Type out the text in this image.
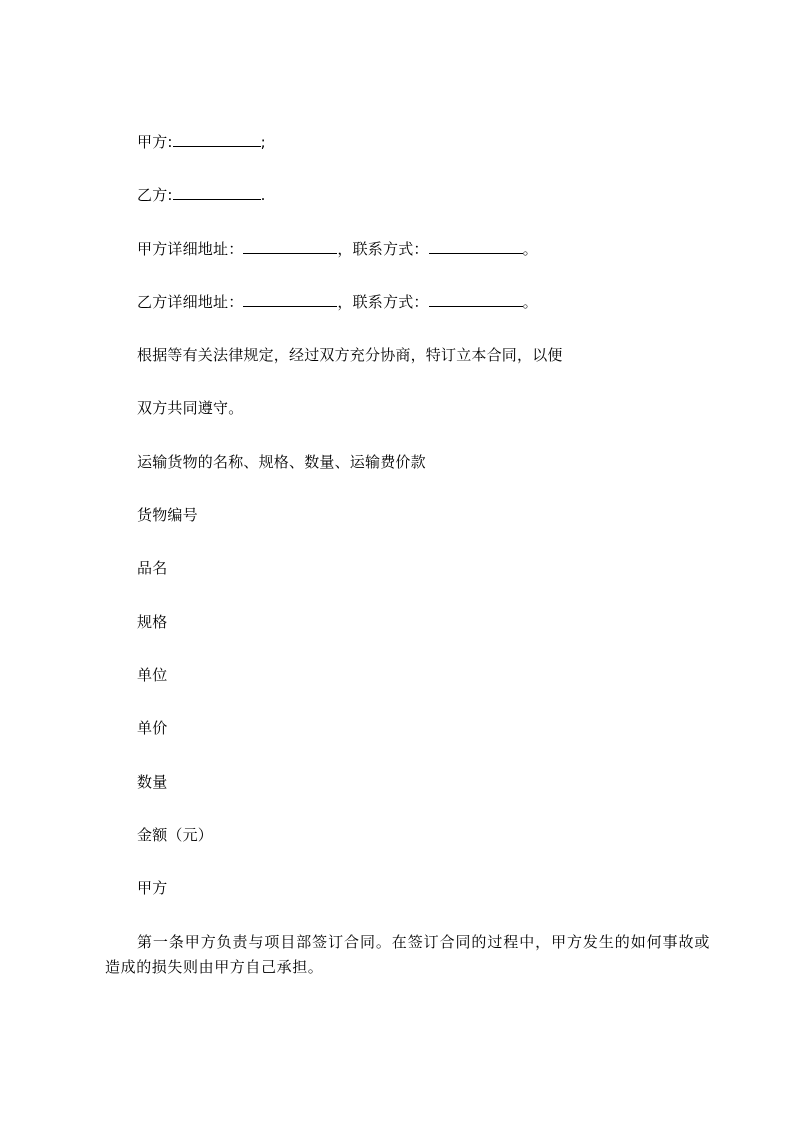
甲方:	;
乙方:	.
甲方详细地址：	，联系方式：	。
乙方详细地址：	，联系方式：	。
根据等有关法律规定，经过双方充分协商，特订立本合同，以便
双方共同遵守。
运输货物的名称、规格、数量、运输费价款
货物编号
品名
规格
单位
单价
数量
金额（元）
甲方
第一条甲方负责与项目部签订合同。在签订合同的过程中，甲方发生的如何事故或造成的损失则由甲方自己承担。
